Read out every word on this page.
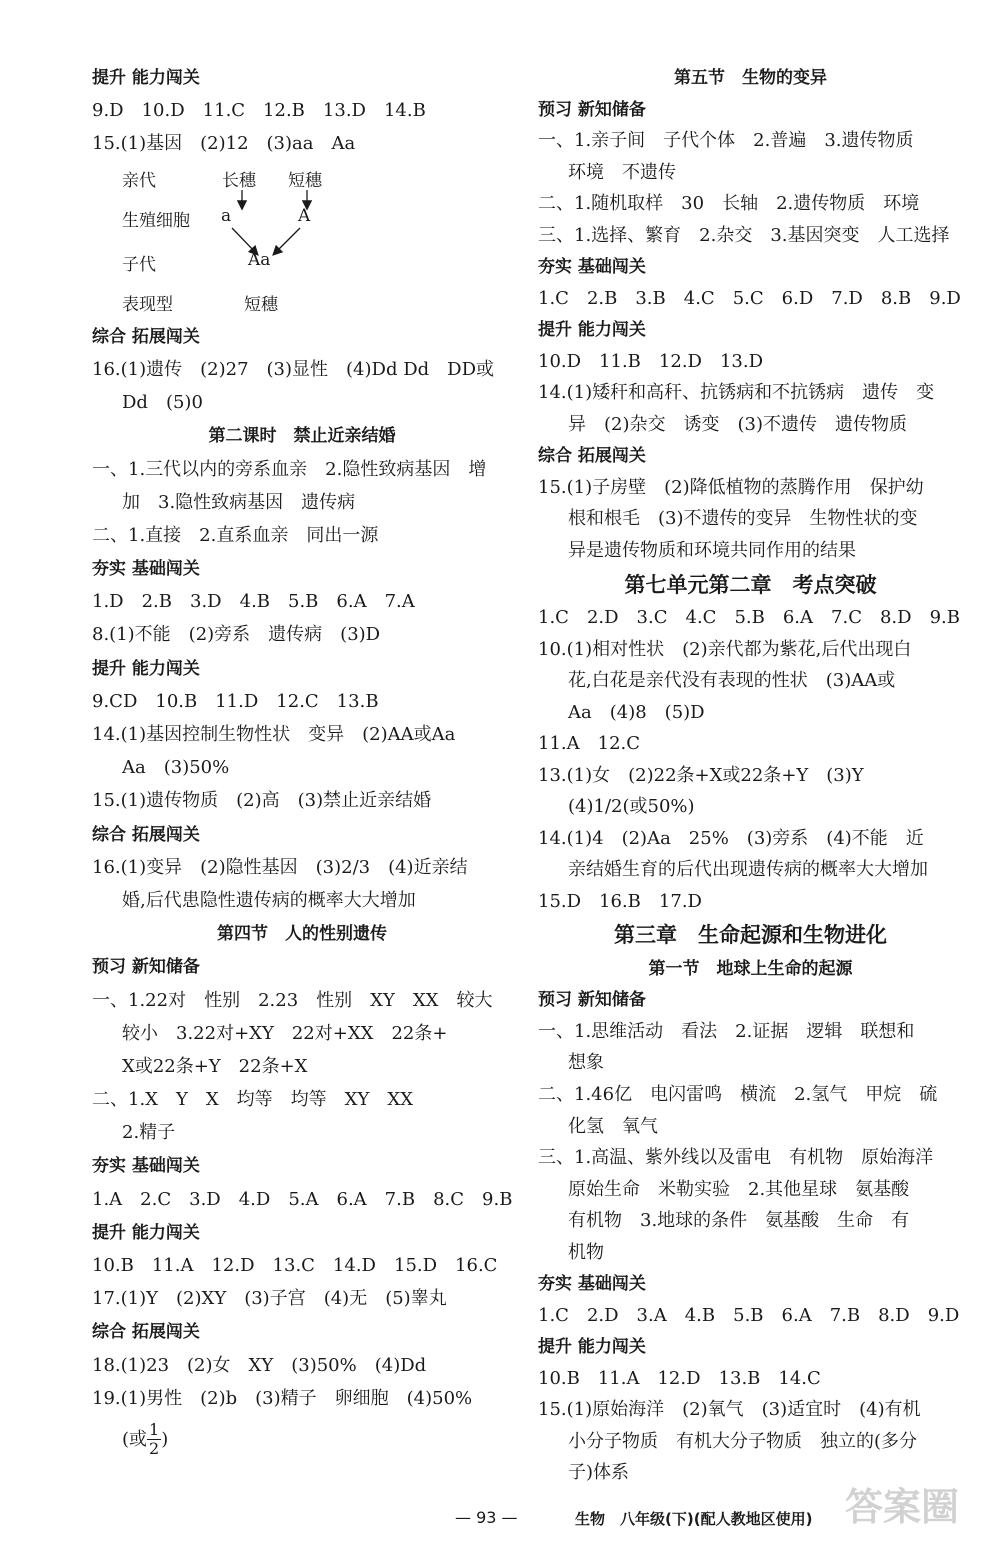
提升 能力闯关
9.D　10.D　11.C　12.B　13.D　14.B
15.(1)基因　(2)12　(3)aa　Aa
亲代
生殖细胞
子代
表现型
长穗 短穗
a	A
Aa
短穗
综合 拓展闯关
16.(1)遗传　(2)27　(3)显性　(4)Dd Dd　DD或
Dd　(5)0
第二课时　禁止近亲结婚
一、1.三代以内的旁系血亲　2.隐性致病基因　增
加　3.隐性致病基因　遗传病
二、1.直接　2.直系血亲　同出一源
夯实 基础闯关
1.D　2.B　3.D　4.B　5.B　6.A　7.A
8.(1)不能　(2)旁系　遗传病　(3)D
提升 能力闯关
9.CD　10.B　11.D　12.C　13.B
14.(1)基因控制生物性状　变异　(2)AA或Aa
Aa　(3)50%
15.(1)遗传物质　(2)高　(3)禁止近亲结婚
综合 拓展闯关
16.(1)变异　(2)隐性基因　(3)2/3　(4)近亲结
婚,后代患隐性遗传病的概率大大增加
第四节　人的性别遗传
预习 新知储备
一、1.22对　性别　2.23　性别　XY　XX　较大
较小　3.22对+XY　22对+XX　22条+
X或22条+Y　22条+X
二、1.X　Y　X　均等　均等　XY　XX
2.精子
夯实 基础闯关
1.A　2.C　3.D　4.D　5.A　6.A　7.B　8.C　9.B
提升 能力闯关
10.B　11.A　12.D　13.C　14.D　15.D　16.C
17.(1)Y　(2)XY　(3)子宫　(4)无　(5)睾丸
综合 拓展闯关
18.(1)23　(2)女　XY　(3)50%　(4)Dd
19.(1)男性　(2)b　(3)精子　卵细胞　(4)50%
(或 $\frac{1}{2}$ )
第五节　生物的变异
预习 新知储备
一、1.亲子间　子代个体　2.普遍　3.遗传物质
环境　不遗传
二、1.随机取样　30　长轴　2.遗传物质　环境
三、1.选择、繁育　2.杂交　3.基因突变　人工选择
夯实 基础闯关
1.C　2.B　3.B　4.C　5.C　6.D　7.D　8.B　9.D
提升 能力闯关
10.D　11.B　12.D　13.D
14.(1)矮秆和高秆、抗锈病和不抗锈病　遗传　变
异　(2)杂交　诱变　(3)不遗传　遗传物质
综合 拓展闯关
15.(1)子房壁　(2)降低植物的蒸腾作用　保护幼
根和根毛　(3)不遗传的变异　生物性状的变
异是遗传物质和环境共同作用的结果
第七单元第二章　考点突破
1.C　2.D　3.C　4.C　5.B　6.A　7.C　8.D　9.B
10.(1)相对性状　(2)亲代都为紫花,后代出现白
花,白花是亲代没有表现的性状　(3)AA或
Aa　(4)8　(5)D
11.A　12.C
13.(1)女　(2)22条+X或22条+Y　(3)Y
(4)1/2(或50%)
14.(1)4　(2)Aa　25%　(3)旁系　(4)不能　近
亲结婚生育的后代出现遗传病的概率大大增加
15.D　16.B　17.D
第三章　生命起源和生物进化
第一节　地球上生命的起源
预习 新知储备
一、1.思维活动　看法　2.证据　逻辑　联想和
想象
二、1.46亿　电闪雷鸣　横流　2.氢气　甲烷　硫
化氢　氧气
三、1.高温、紫外线以及雷电　有机物　原始海洋
原始生命　米勒实验　2.其他星球　氨基酸
有机物　3.地球的条件　氨基酸　生命　有
机物
夯实 基础闯关
1.C　2.D　3.A　4.B　5.B　6.A　7.B　8.D　9.D
提升 能力闯关
10.B　11.A　12.D　13.B　14.C
15.(1)原始海洋　(2)氧气　(3)适宜时　(4)有机
小分子物质　有机大分子物质　独立的(多分
子)体系
— 93 —	生物　八年级(下)(配人教地区使用) 答案圈
